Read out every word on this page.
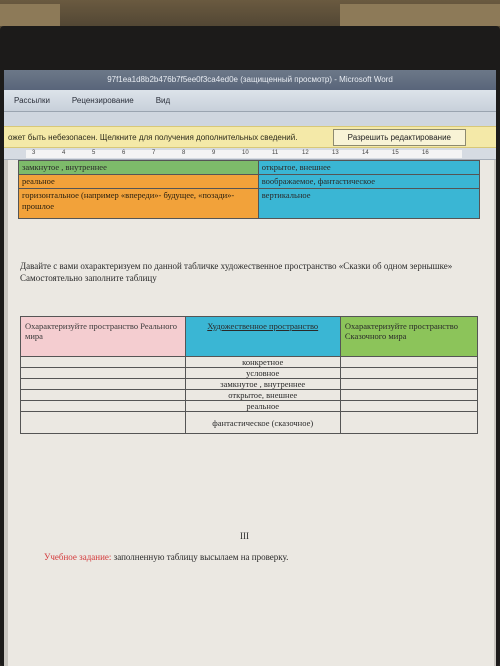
97f1ea1d8b2b476b7f5ee0f3ca4ed0e (защищенный просмотр) - Microsoft Word
Рассылки	Рецензирование	Вид
ожет быть небезопасен. Щелкните для получения дополнительных сведений.	Разрешить редактирование
3	4	5	6	7	8	9	10	11	12	13	14	15	16
замкнутое , внутреннее	открытое, внешнее
реальное	воображаемое, фантастическое
горизонтальное (например «впереди»- будущее, «позади»- прошлое	вертикальное
Давайте с вами охарактеризуем по данной табличке художественное пространство «Сказки об одном зернышке»
Самостоятельно заполните таблицу
Охарактеризуйте пространство Реального мира	Художественное пространство	Охарактеризуйте пространство Сказочного мира
	конкретное	
	условное	
	замкнутое , внутреннее	
	открытое, внешнее	
	реальное	
	фантастическое (сказочное)	
III
Учебное задание: заполненную таблицу высылаем на проверку.
